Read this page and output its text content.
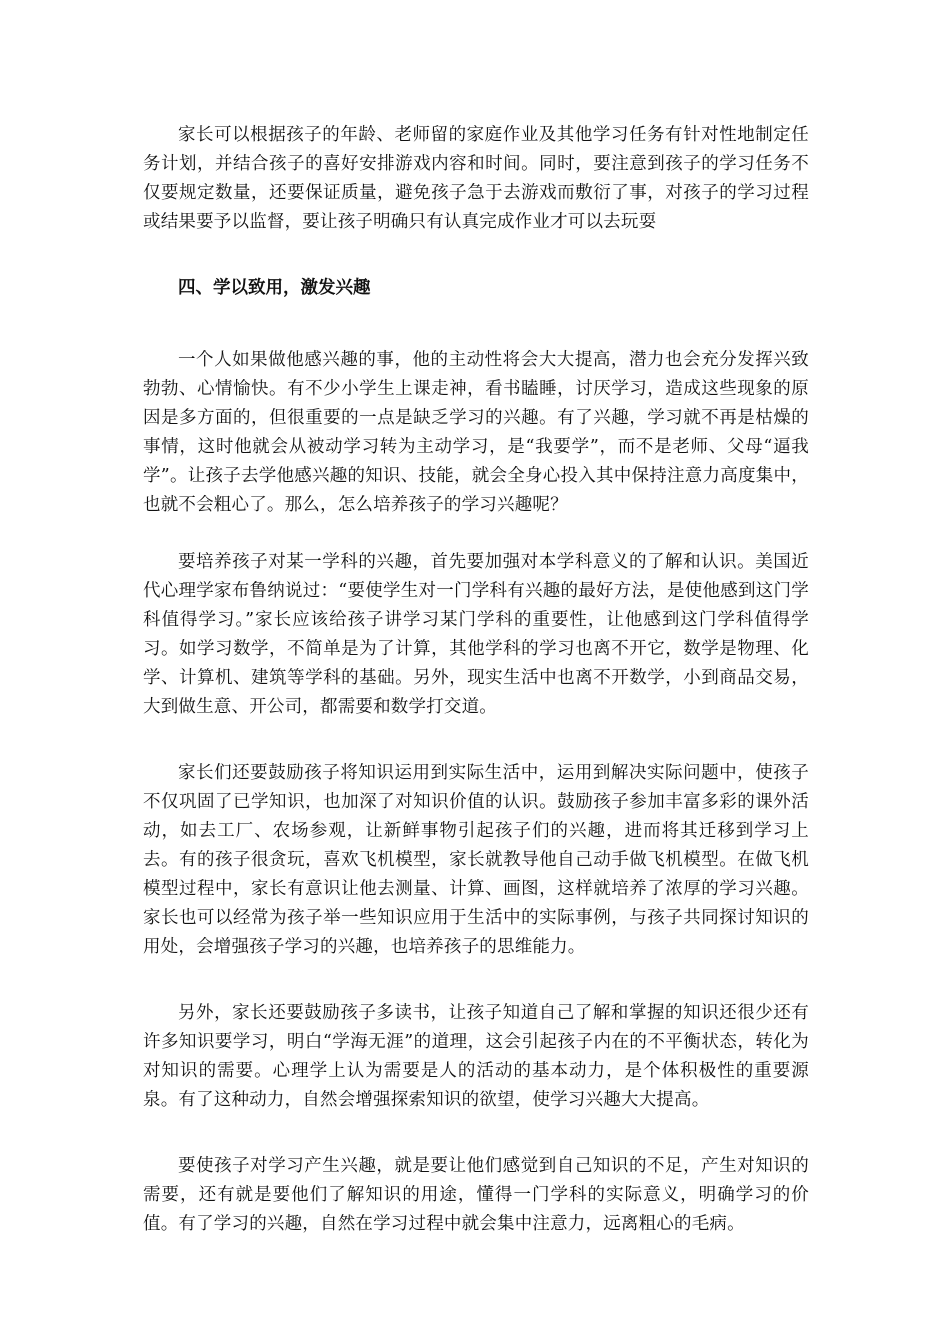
家长可以根据孩子的年龄、老师留的家庭作业及其他学习任务有针对性地制定任务计划，并结合孩子的喜好安排游戏内容和时间。同时，要注意到孩子的学习任务不仅要规定数量，还要保证质量，避免孩子急于去游戏而敷衍了事，对孩子的学习过程或结果要予以监督，要让孩子明确只有认真完成作业才可以去玩耍

四、学以致用，激发兴趣

一个人如果做他感兴趣的事，他的主动性将会大大提高，潜力也会充分发挥兴致勃勃、心情愉快。有不少小学生上课走神，看书瞌睡，讨厌学习，造成这些现象的原因是多方面的，但很重要的一点是缺乏学习的兴趣。有了兴趣，学习就不再是枯燥的事情，这时他就会从被动学习转为主动学习，是“我要学”，而不是老师、父母“逼我学”。让孩子去学他感兴趣的知识、技能，就会全身心投入其中保持注意力高度集中，也就不会粗心了。那么，怎么培养孩子的学习兴趣呢？

要培养孩子对某一学科的兴趣，首先要加强对本学科意义的了解和认识。美国近代心理学家布鲁纳说过：“要使学生对一门学科有兴趣的最好方法，是使他感到这门学科值得学习。”家长应该给孩子讲学习某门学科的重要性，让他感到这门学科值得学习。如学习数学，不简单是为了计算，其他学科的学习也离不开它，数学是物理、化学、计算机、建筑等学科的基础。另外，现实生活中也离不开数学，小到商品交易，大到做生意、开公司，都需要和数学打交道。

家长们还要鼓励孩子将知识运用到实际生活中，运用到解决实际问题中，使孩子不仅巩固了已学知识，也加深了对知识价值的认识。鼓励孩子参加丰富多彩的课外活动，如去工厂、农场参观，让新鲜事物引起孩子们的兴趣，进而将其迁移到学习上去。有的孩子很贪玩，喜欢飞机模型，家长就教导他自己动手做飞机模型。在做飞机模型过程中，家长有意识让他去测量、计算、画图，这样就培养了浓厚的学习兴趣。家长也可以经常为孩子举一些知识应用于生活中的实际事例，与孩子共同探讨知识的用处，会增强孩子学习的兴趣，也培养孩子的思维能力。

另外，家长还要鼓励孩子多读书，让孩子知道自己了解和掌握的知识还很少还有许多知识要学习，明白“学海无涯”的道理，这会引起孩子内在的不平衡状态，转化为对知识的需要。心理学上认为需要是人的活动的基本动力，是个体积极性的重要源泉。有了这种动力，自然会增强探索知识的欲望，使学习兴趣大大提高。

要使孩子对学习产生兴趣，就是要让他们感觉到自己知识的不足，产生对知识的需要，还有就是要他们了解知识的用途，懂得一门学科的实际意义，明确学习的价值。有了学习的兴趣，自然在学习过程中就会集中注意力，远离粗心的毛病。
